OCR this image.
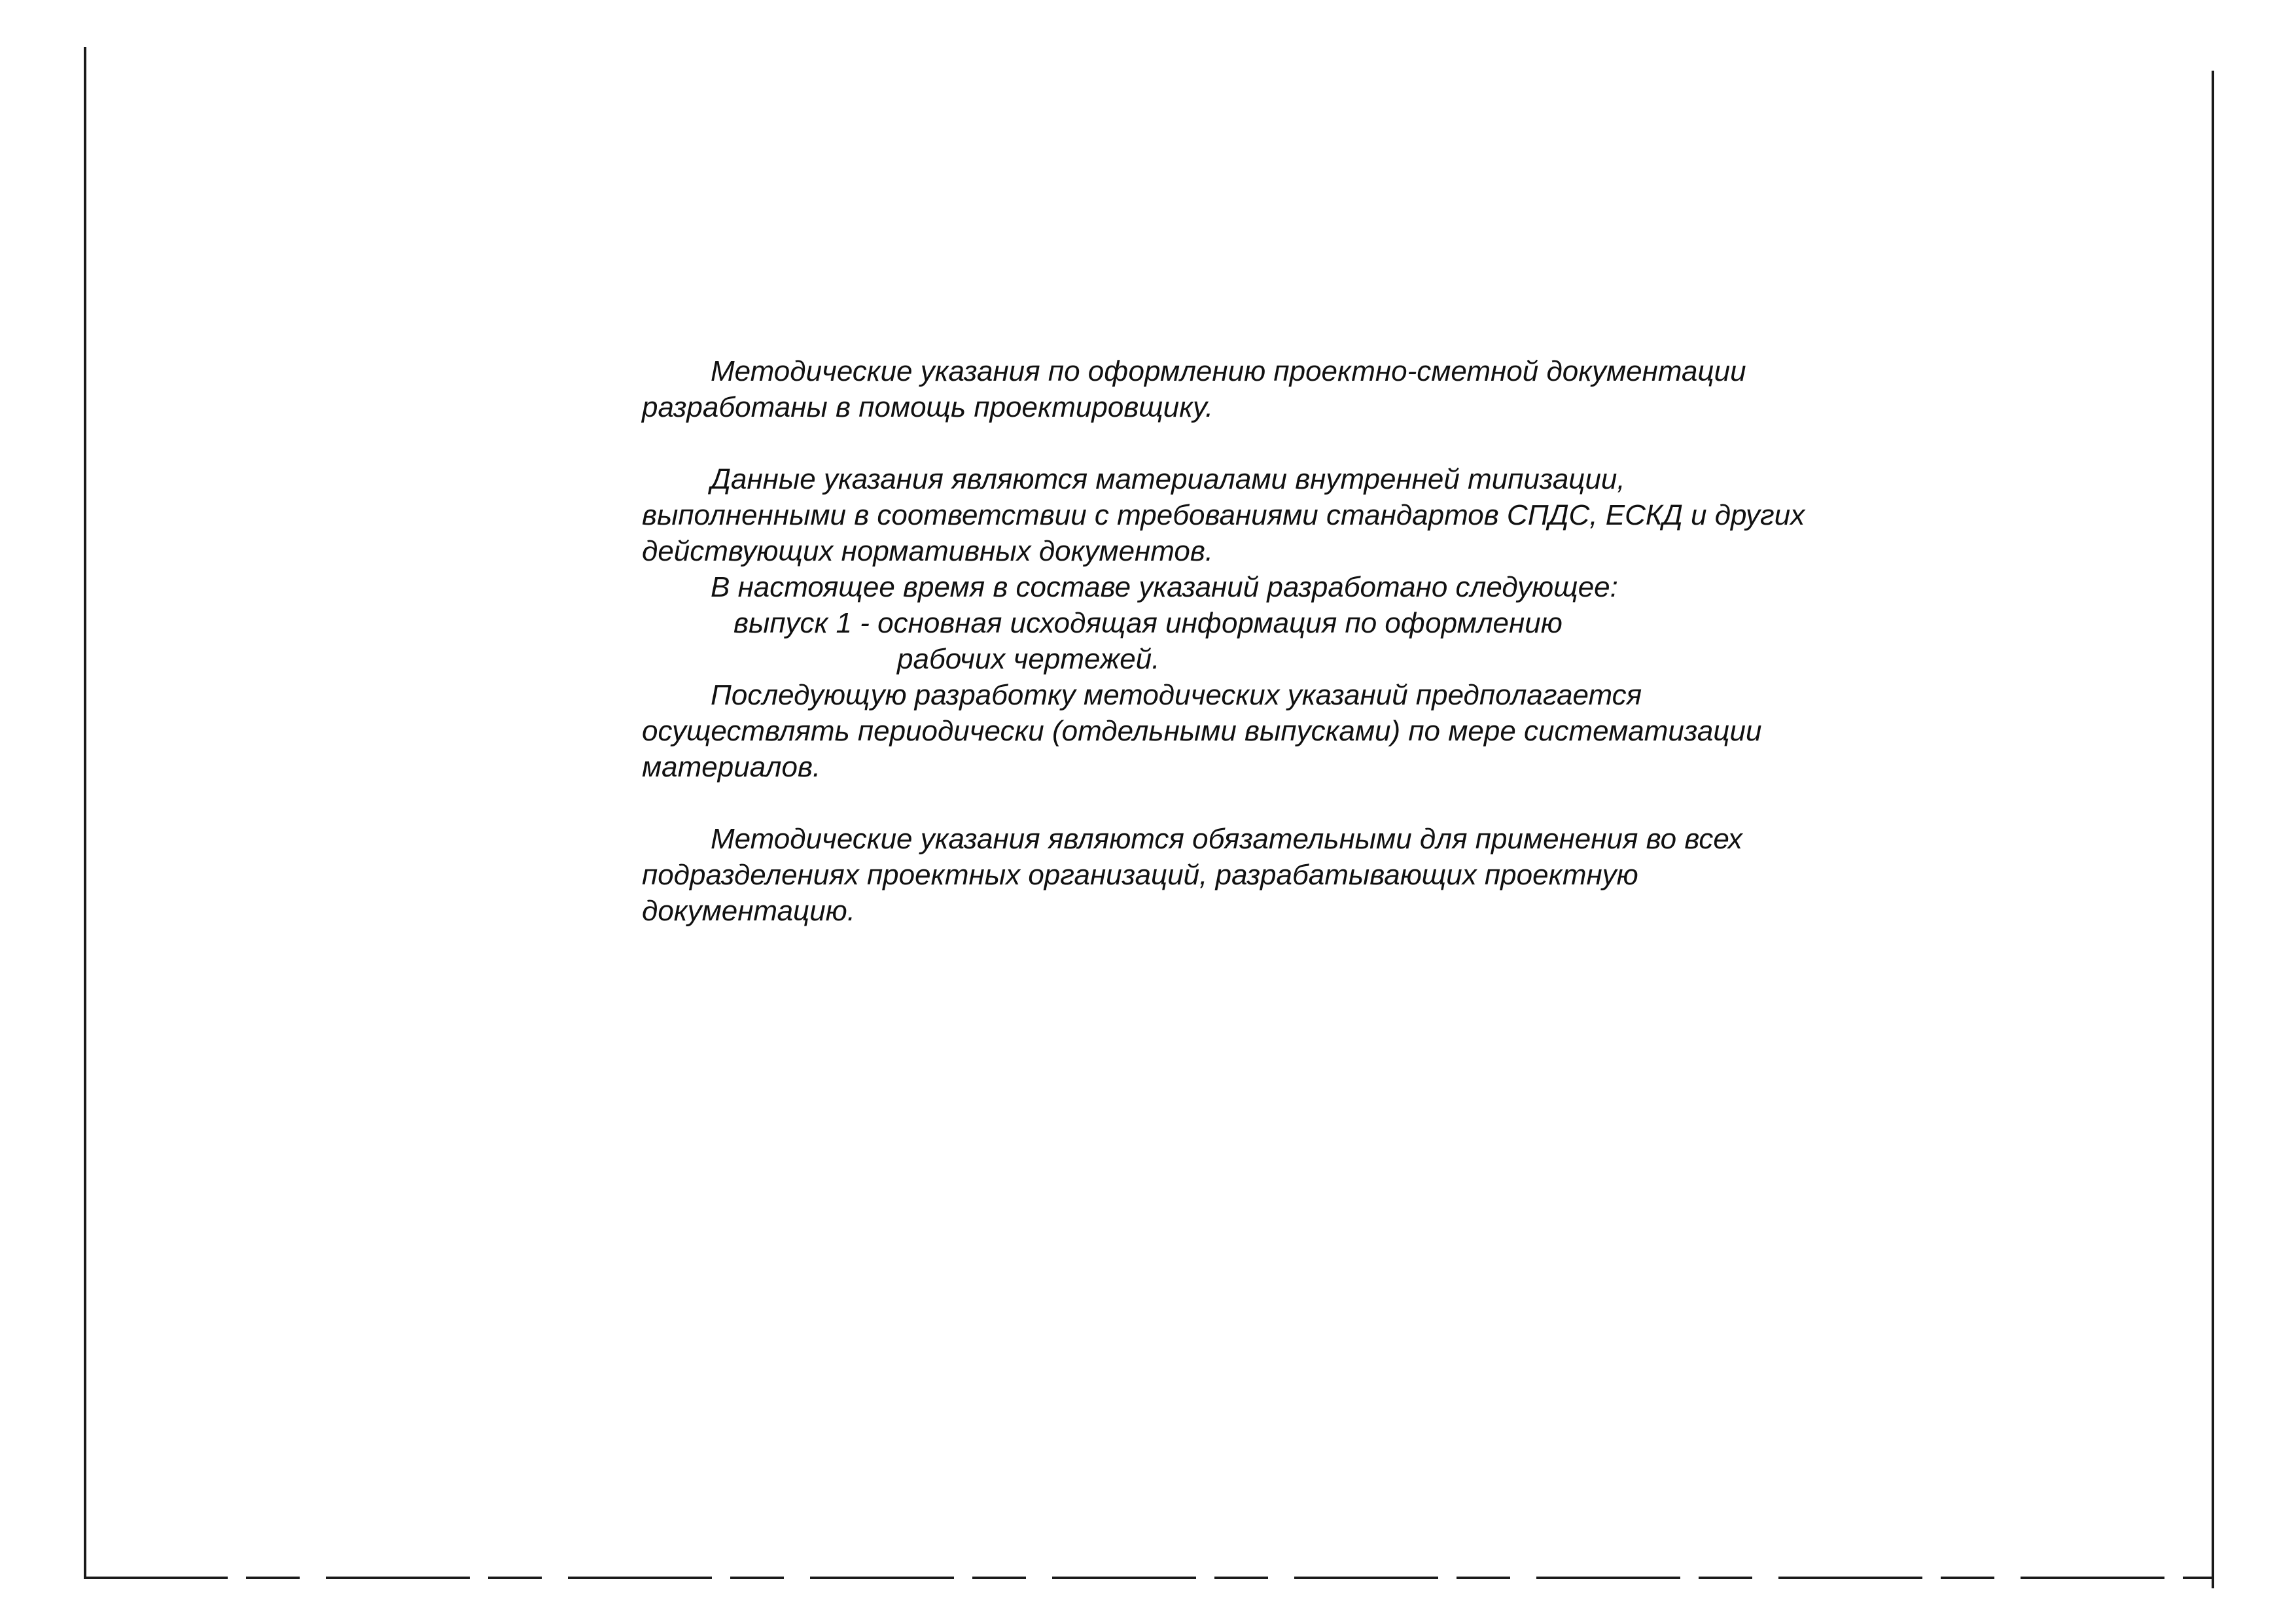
Методические указания по оформлению проектно-сметной документации разработаны в помощь проектировщику.

Данные указания являются материалами внутренней типизации, выполненными в соответствии с требованиями стандартов СПДС, ЕСКД и других действующих нормативных документов.

В настоящее время в составе указаний разработано следующее:

выпуск 1 - основная исходящая информация по оформлению

рабочих чертежей.

Последующую разработку методических указаний предполагается осуществлять периодически (отдельными выпусками) по мере систематизации материалов.

Методические указания являются обязательными для применения во всех подразделениях проектных организаций, разрабатывающих проектную документацию.
